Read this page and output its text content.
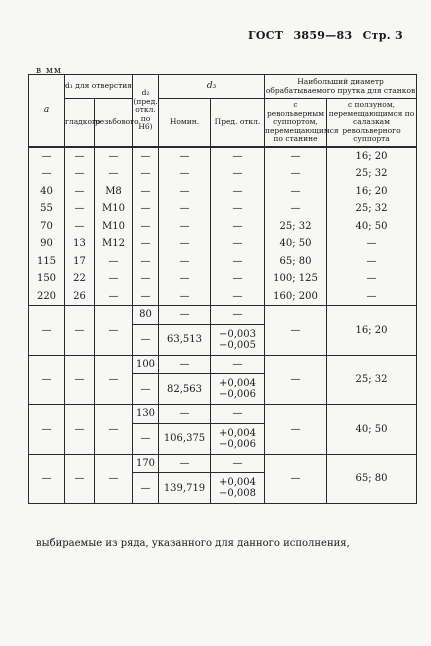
ГОСТ 3859—83 Стр. 3
в мм
a	d₁ для отверстия		d₂ (пред. откл. по Н6)	d₃		Наибольший диаметр обрабатываемого прутка для станков	
	гладкого	резьбового		Номин.	Пред. откл.	с револьверным суппортом, перемещающимся по станине	с ползуном, перемещающимся по салазкам револьверного суппорта
—	—	—	—	—	—	—	16; 20
—	—	—	—	—	—	—	25; 32
40	—	M8	—	—	—	—	16; 20
55	—	M10	—	—	—	—	25; 32
70	—	M10	—	—	—	25; 32	40; 50
90	13	M12	—	—	—	40; 50	—
115	17	—	—	—	—	65; 80	—
150	22	—	—	—	—	100; 125	—
220	26	—	—	—	—	160; 200	—
—	—	—	80	—	—	—	16; 20
			—	63,513	−0,003
−0,005		

—	—	—	100	—	—	—	25; 32
			—	82,563	+0,004
−0,006		

—	—	—	130	—	—	—	40; 50
			—	106,375	+0,004
−0,006		

—	—	—	170	—	—	—	65; 80
			—	139,719	+0,004
−0,008		
выбираемые из ряда, указанного для данного исполнения,
